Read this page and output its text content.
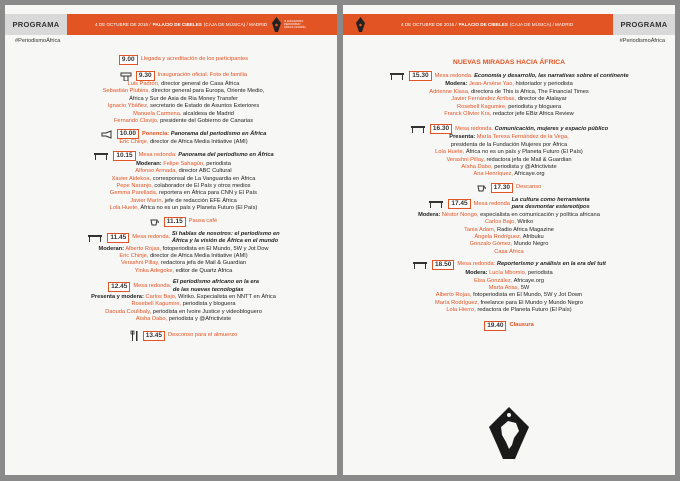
PROGRAMA	4 DE OCTUBRE DE 2016 / PALACIO DE CIBELES (CAJA DE MÚSICA) / MADRID
III ENCUENTRO
PERIODISMO
ÁFRICA / ESPAÑA
#PeriodismoÁfrica
9.00	Llegada y acreditación de los participantes
9.30	Inauguración oficial. Foto de familia
Luis Padrón, director general de Casa África
Sebastián Plubins, director general para Europa, Oriente Medio,
África y Sur de Asia de Ria Money Transfer
Ignacio Ybáñez, secretario de Estado de Asuntos Exteriores
Manuela Carmena, alcaldesa de Madrid
Fernando Clavijo, presidente del Gobierno de Canarias
10.00	Ponencia:
Panorama del periodismo en África
Eric Chinje, director de Africa Media Initiative (AMI)
10.15	Mesa redonda:
Panorama del periodismo en África
Moderan: Felipe Sahagún, periodista
Alfonso Armada, director ABC Cultural
Xavier Aldekoa, corresponsal de La Vanguardia en África
Pepe Naranjo, colaborador de El País y otros medios
Gemma Parellada, reportera en África para CNN y El País
Javier Marín, jefe de redacción EFE África
Lola Huete, África no es un país y Planeta Futuro (El País)
11.15	Pausa café
11.45	Mesa redonda.

Si hablas de nosotros: el periodismo en
África y la visión de África en el mundo
Moderan: Alberto Rojas, fotoperiodista en El Mundo, 5W y Jot Dow
Eric Chinje, director de Africa Media Initiative (AMI)
Verashni Pillay, redactora jefa de Mail & Guardian
Yinka Adegoke, editor de Quartz Africa
12.45	Mesa redonda.

El periodismo africano en la era
de las nuevas tecnologías
Presenta y modera: Carlos Bajo, Wiriko. Especialista en NNTT en África
Rosebell Kagumire, periodista y bloguera
Daouda Coulibaly, periodista en Ivoire Justice y videobloguero
Aïsha Dabo, periodista y @Africtiviste
13.45	Desconso para el almuerzo
4 DE OCTUBRE DE 2016 / PALACIO DE CIBELES (CAJA DE MÚSICA) / MADRID	PROGRAMA
#PeriodismoÁfrica
NUEVAS MIRADAS HACIA ÁFRICA
15.30	Mesa redonda.
Economía y desarrollo, las narrativas sobre el continente
Modera: Jean-Arsène Yao, historiador y periodista
Adrienne Klasa, directora de This is Africa, The Financial Times
Javier Fernández Arribas, director de Atalayar
Rosebell Kagumire, periodista y bloguera
Franck Olivier Kra, redactor jefe EBiz Africa Review
16.30	Mesa redonda.
Comunicación, mujeres y espacio público
Presenta: María Teresa Fernández de la Vega,
presidenta de la Fundación Mujeres por África
Lola Huete, África no es un país y Planeta Futuro (El País)
Verashni Pillay, redactora jefa de Mail & Guardian
Aïsha Dabo, periodista y @Africtiviste
Ana Henríquez, Africaye.org
17.30	Descanso
17.45	Mesa redonda

La cultura como herramienta
para desmontar estereotipos
Modera: Néstor Nongo, especialista en comunicación y política africana
Carlos Bajo, Wiriko
Tania Adam, Radio Africa Magazine
Ángela Rodríguez, Afribuku
Gonzalo Gómez, Mundo Negro
Casa África
18.50	Mesa redonda:
Reporterismo y análisis en la era del tuit
Modera: Lucía Mbomio, periodista
Elsa González, Africaye.org
Marta Arias, 5W
Alberto Rojas, fotoperiodista en El Mundo, 5W y Jot Down
María Rodríguez, freelance para El Mundo y Mundo Negro
Lola Hierro, redactora de Planeta Futuro (El País)
19.40	Clausura
